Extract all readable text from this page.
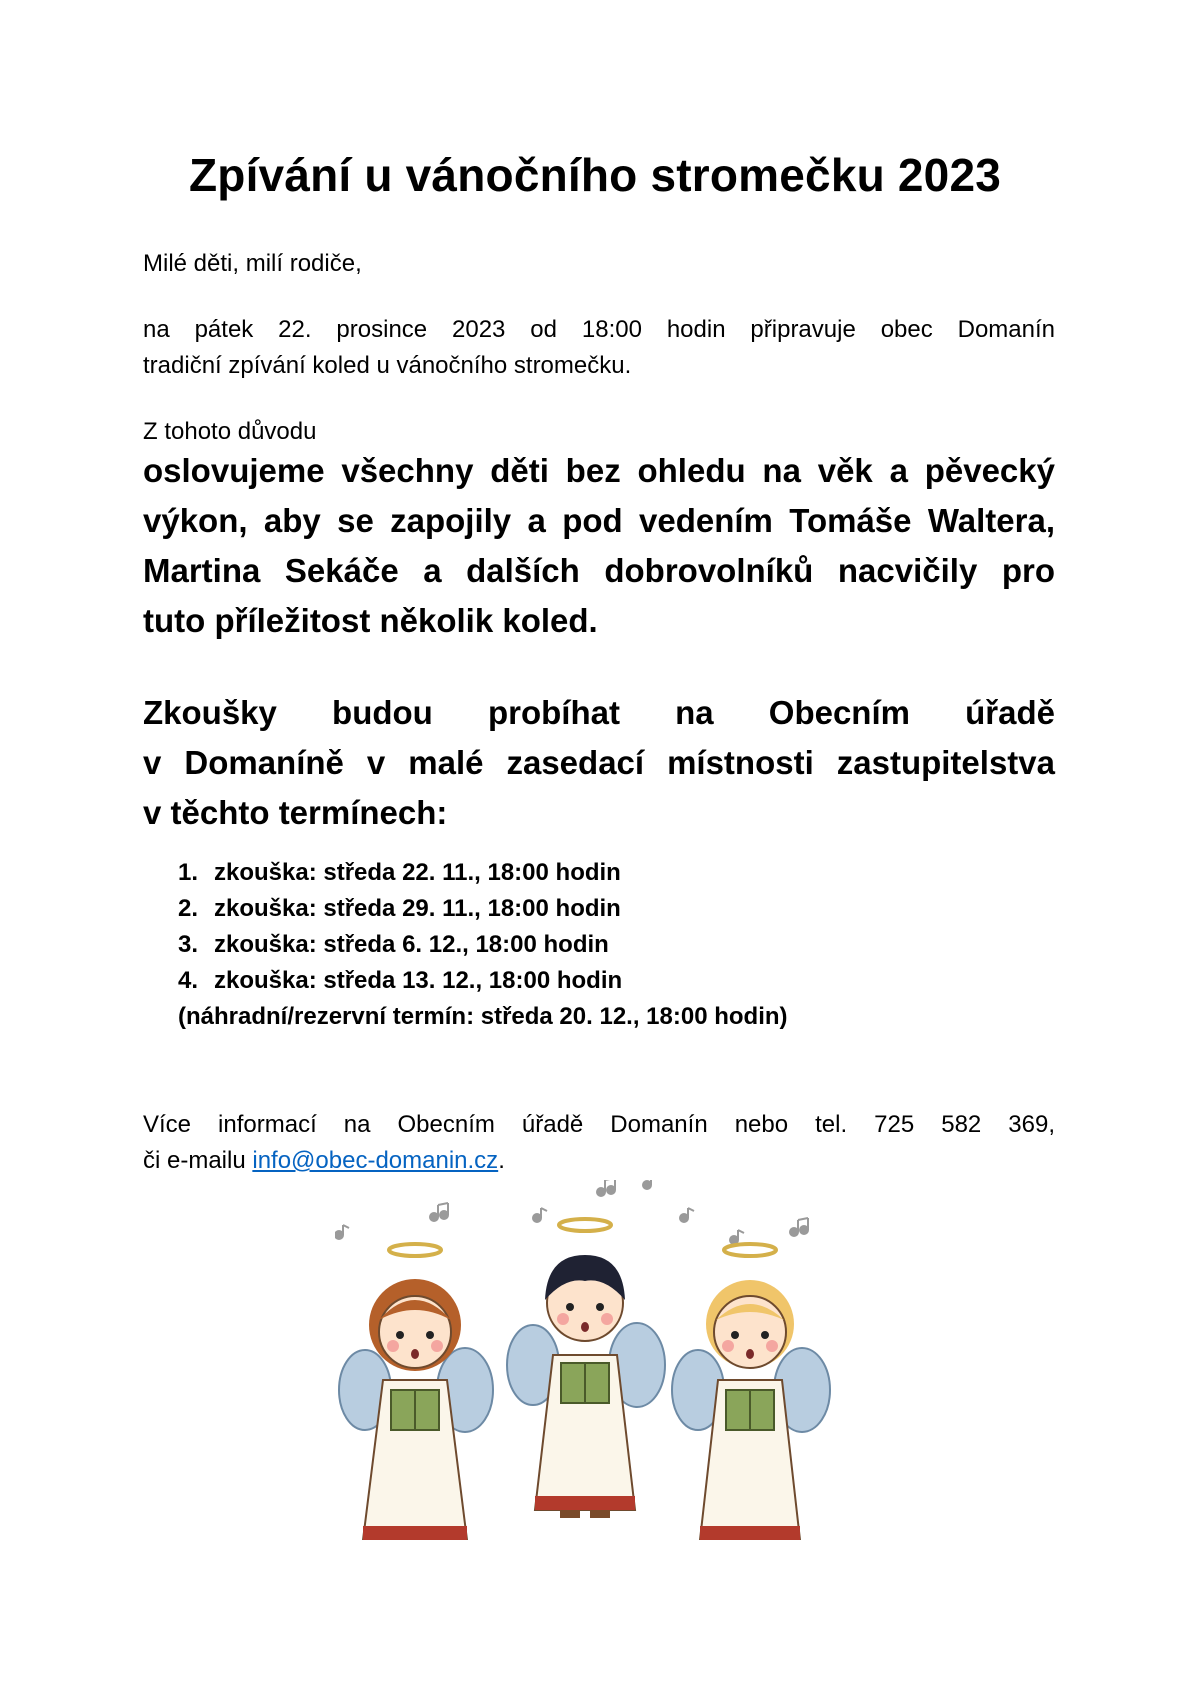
Zpívání u vánočního stromečku 2023
Milé děti, milí rodiče,
na pátek 22. prosince 2023 od 18:00 hodin připravuje obec Domanín
tradiční zpívání koled u vánočního stromečku.
Z tohoto důvodu
oslovujeme všechny děti bez ohledu na věk a pěvecký
výkon, aby se zapojily a pod vedením Tomáše Waltera,
Martina Sekáče a dalších dobrovolníků nacvičily pro
tuto příležitost několik koled.
Zkoušky budou probíhat na Obecním úřadě
v Domaníně v malé zasedací místnosti zastupitelstva
v těchto termínech:
1. zkouška: středa 22. 11., 18:00 hodin
2. zkouška: středa 29. 11., 18:00 hodin
3. zkouška: středa 6. 12., 18:00 hodin
4. zkouška: středa 13. 12., 18:00 hodin
(náhradní/rezervní termín: středa 20. 12., 18:00 hodin)
Více informací na Obecním úřadě Domanín nebo tel. 725 582 369,
či e-mailu info@obec-domanin.cz.
